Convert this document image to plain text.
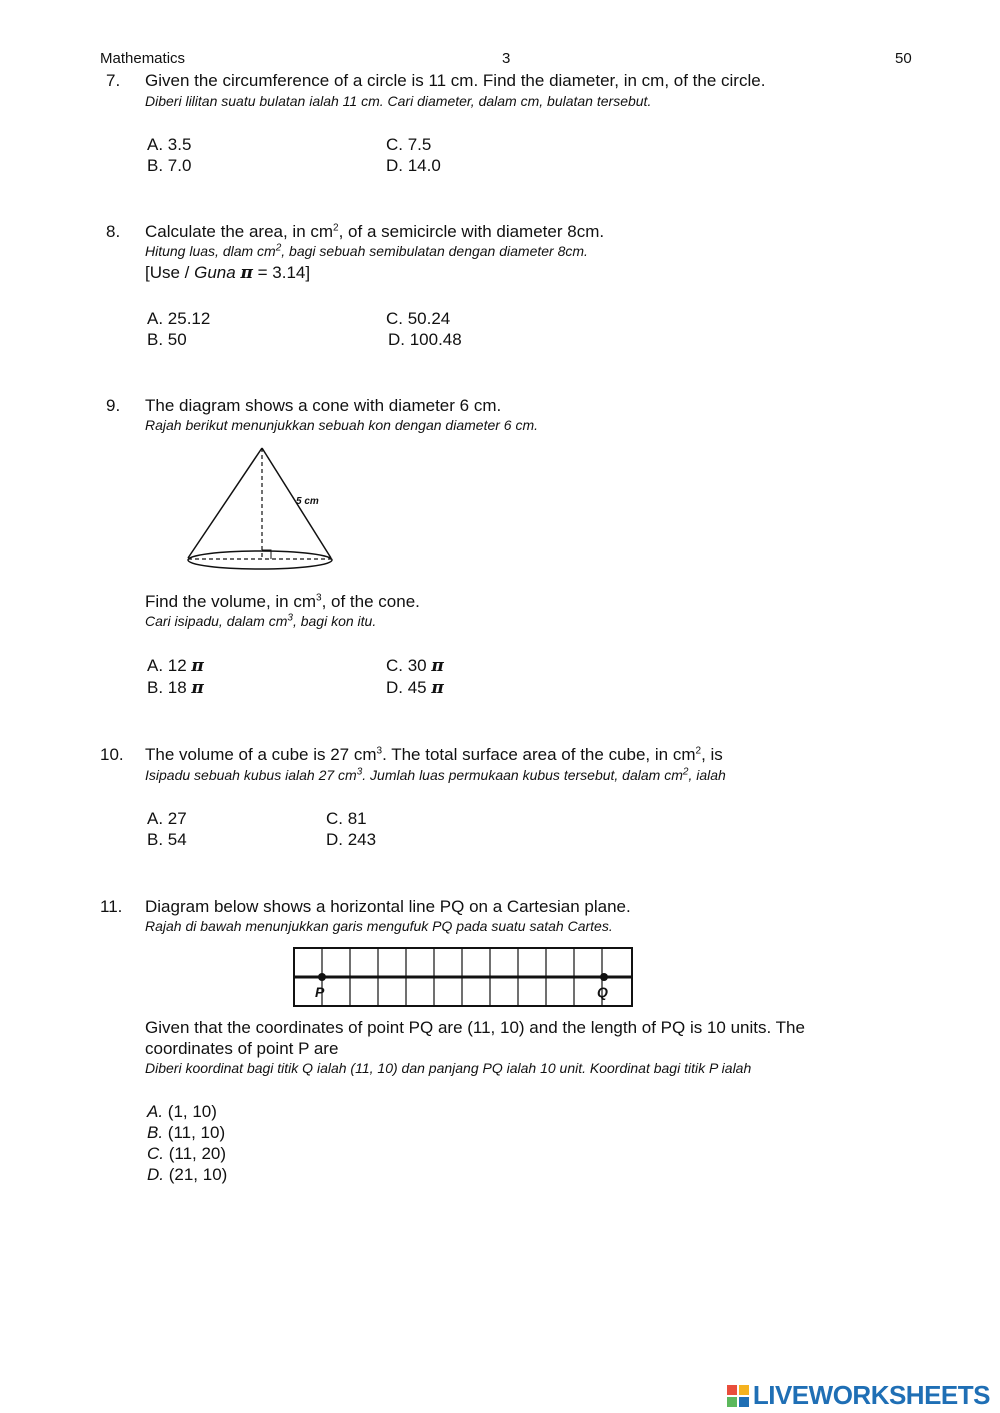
Mathematics	3	50
7. Given the circumference of a circle is 11 cm. Find the diameter, in cm, of the circle.
Diberi lilitan suatu bulatan ialah 11 cm. Cari diameter, dalam cm, bulatan tersebut.
A. 3.5
B. 7.0
C. 7.5
D. 14.0
8. Calculate the area, in $cm^2$, of a semicircle with diameter 8cm.
Hitung luas, dlam $cm^2$, bagi sebuah semibulatan dengan diameter 8cm.
[Use / Guna π = 3.14]
A. 25.12
B. 50
C. 50.24
D. 100.48
9. The diagram shows a cone with diameter 6 cm.
Rajah berikut menunjukkan sebuah kon dengan diameter 6 cm.
5 cm
Find the volume, in $cm^3$, of the cone.
Cari isipadu, dalam $cm^3$, bagi kon itu.
A. 12 π
B. 18 π
C. 30 π
D. 45 π
10. The volume of a cube is 27 $cm^3$. The total surface area of the cube, in $cm^2$, is
Isipadu sebuah kubus ialah 27 $cm^3$. Jumlah luas permukaan kubus tersebut, dalam $cm^2$, ialah
A. 27
B. 54
C. 81
D. 243
11. Diagram below shows a horizontal line PQ on a Cartesian plane.
Rajah di bawah menunjukkan garis mengufuk PQ pada suatu satah Cartes.
P	Q
Given that the coordinates of point PQ are (11, 10) and the length of PQ is 10 units. The
coordinates of point P are
Diberi koordinat bagi titik Q ialah (11, 10) dan panjang PQ ialah 10 unit. Koordinat bagi titik P ialah
A. (1, 10)
B. (11, 10)
C. (11, 20)
D. (21, 10)
LIVEWORKSHEETS
